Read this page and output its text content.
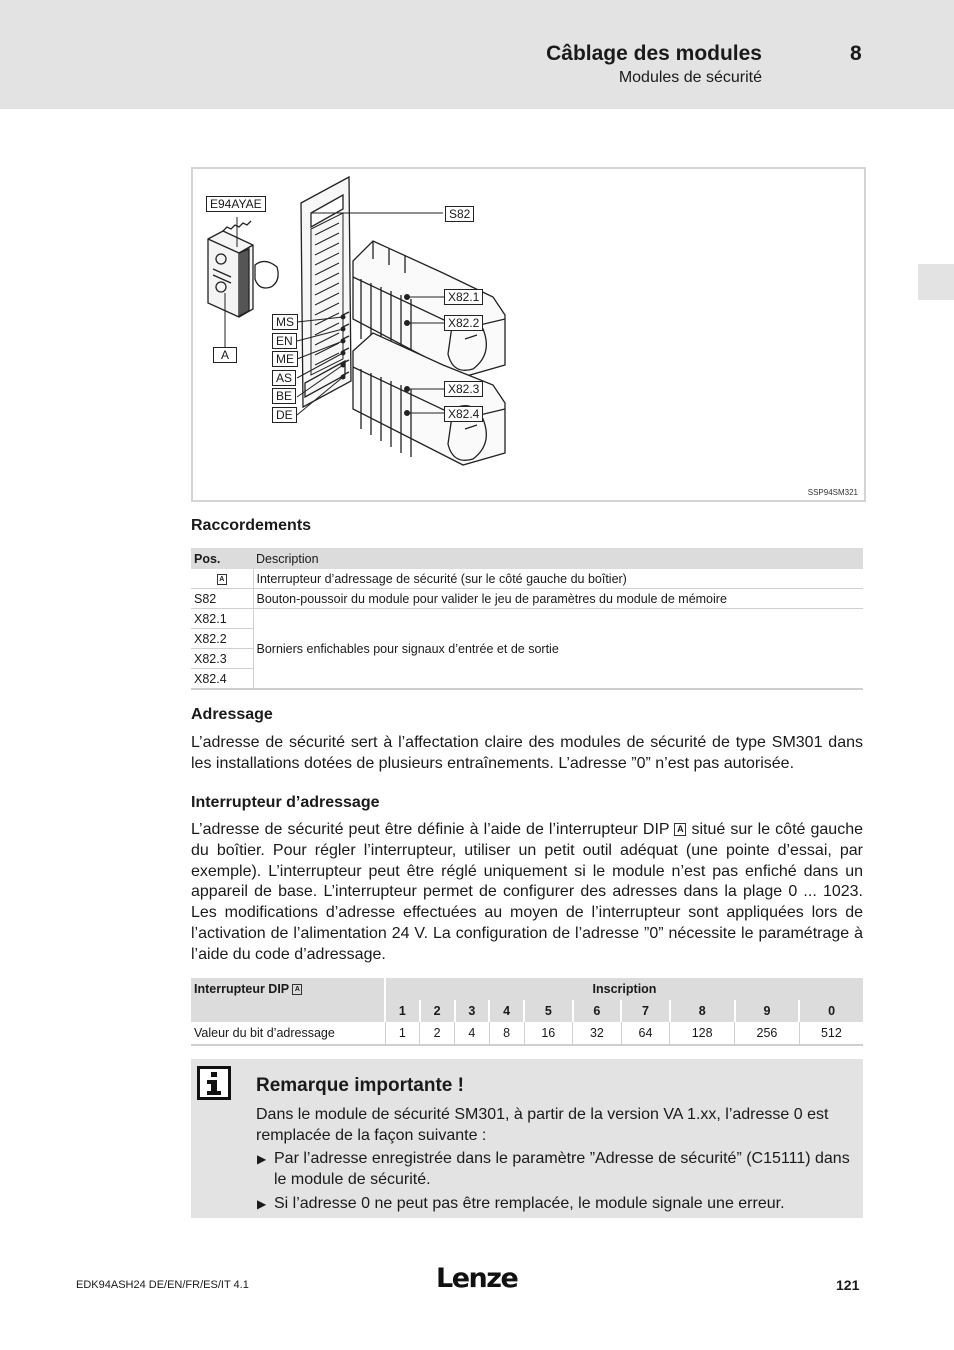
Câblage des modules	8
Modules de sécurité
E94AYAE
S82
X82.1
X82.2
X82.3
X82.4
A
MS
EN
ME
AS
BE
DE
SSP94SM321
Raccordements
Pos.	Description
A	Interrupteur d’adressage de sécurité (sur le côté gauche du boîtier)
S82	Bouton-poussoir du module pour valider le jeu de paramètres du module de mémoire
X82.1	Borniers enfichables pour signaux d’entrée et de sortie
X82.2	
X82.3	
X82.4	
Adressage

L’adresse de sécurité sert à l’affectation claire des modules de sécurité de type SM301 dans les installations dotées de plusieurs entraînements. L’adresse ”0” n’est pas autorisée.

Interrupteur d’adressage

L’adresse de sécurité peut être définie à l’aide de l’interrupteur DIP A situé sur le côté gauche du boîtier. Pour régler l’interrupteur, utiliser un petit outil adéquat (une pointe d’essai, par exemple). L’interrupteur peut être réglé uniquement si le module n’est pas enfiché dans un appareil de base. L’interrupteur permet de configurer des adresses dans la plage 0 ... 1023. Les modifications d’adresse effectuées au moyen de l’interrupteur sont appliquées lors de l’activation de l’alimentation 24 V. La configuration de l’adresse ”0” nécessite le paramétrage à l’aide du code d’adressage.

Interrupteur DIP A	Inscription									
	1	2	3	4	5	6	7	8	9	0
Valeur du bit d’adressage	1	2	4	8	16	32	64	128	256	512
Remarque importante !

Dans le module de sécurité SM301, à partir de la version VA 1.xx, l’adresse 0 est remplacée de la façon suivante :

▶ Par l’adresse enregistrée dans le paramètre ”Adresse de sécurité” (C15111) dans le module de sécurité.
▶ Si l’adresse 0 ne peut pas être remplacée, le module signale une erreur.
EDK94ASH24 DE/EN/FR/ES/IT 4.1	Lenze	121
